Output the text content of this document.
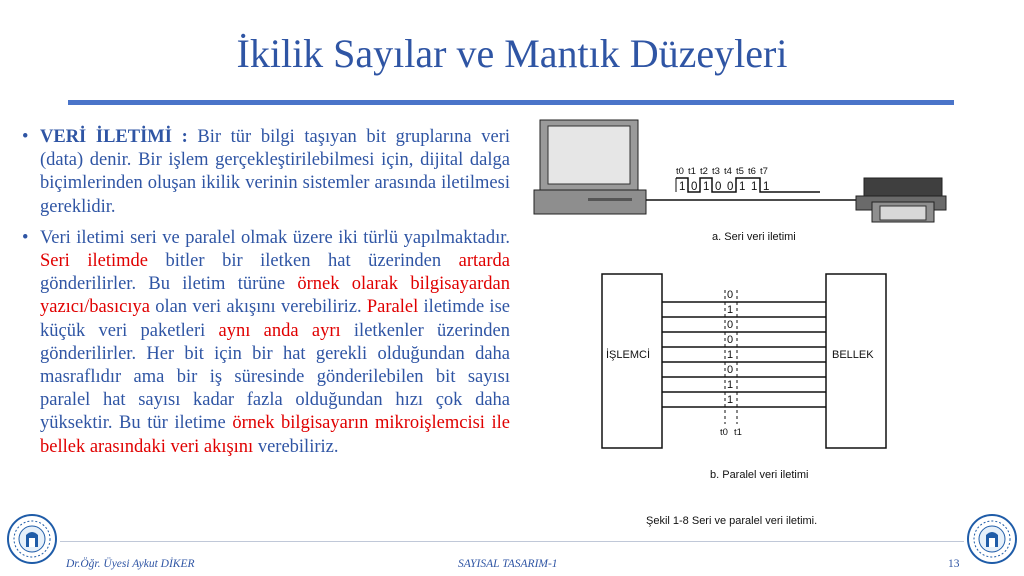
İkilik Sayılar ve Mantık Düzeyleri
• VERİ İLETİMİ : Bir tür bilgi taşıyan bit gruplarına veri (data) denir. Bir işlem gerçekleştirilebilmesi için, dijital dalga biçimlerinden oluşan ikilik verinin sistemler arasında iletilmesi gereklidir.
• Veri iletimi seri ve paralel olmak üzere iki türlü yapılmaktadır. Seri iletimde bitler bir iletken hat üzerinden artarda gönderilirler. Bu iletim türüne örnek olarak bilgisayardan yazıcı/basıcıya olan veri akışını verebiliriz. Paralel iletimde ise küçük veri paketleri aynı anda ayrı iletkenler üzerinden gönderilirler. Her bit için bir hat gerekli olduğundan daha masraflıdır ama bir iş süresinde gönderilebilen bit sayısı paralel hat sayısı kadar fazla olduğundan hızı çok daha yüksektir. Bu tür iletime örnek bilgisayarın mikroişlemcisi ile bellek arasındaki veri akışını verebiliriz.
t0 t1 t2 t3 t4 t5 t6 t7
1 0 1 0 0 1 1 1
a. Seri veri iletimi
İŞLEMCİ	BELLEK
0
1
0
0
1
0
1
1
t0 t1
b. Paralel veri iletimi
Şekil 1-8 Seri ve paralel veri iletimi.
Dr.Öğr. Üyesi Aykut DİKER	SAYISAL TASARIM-1	13
